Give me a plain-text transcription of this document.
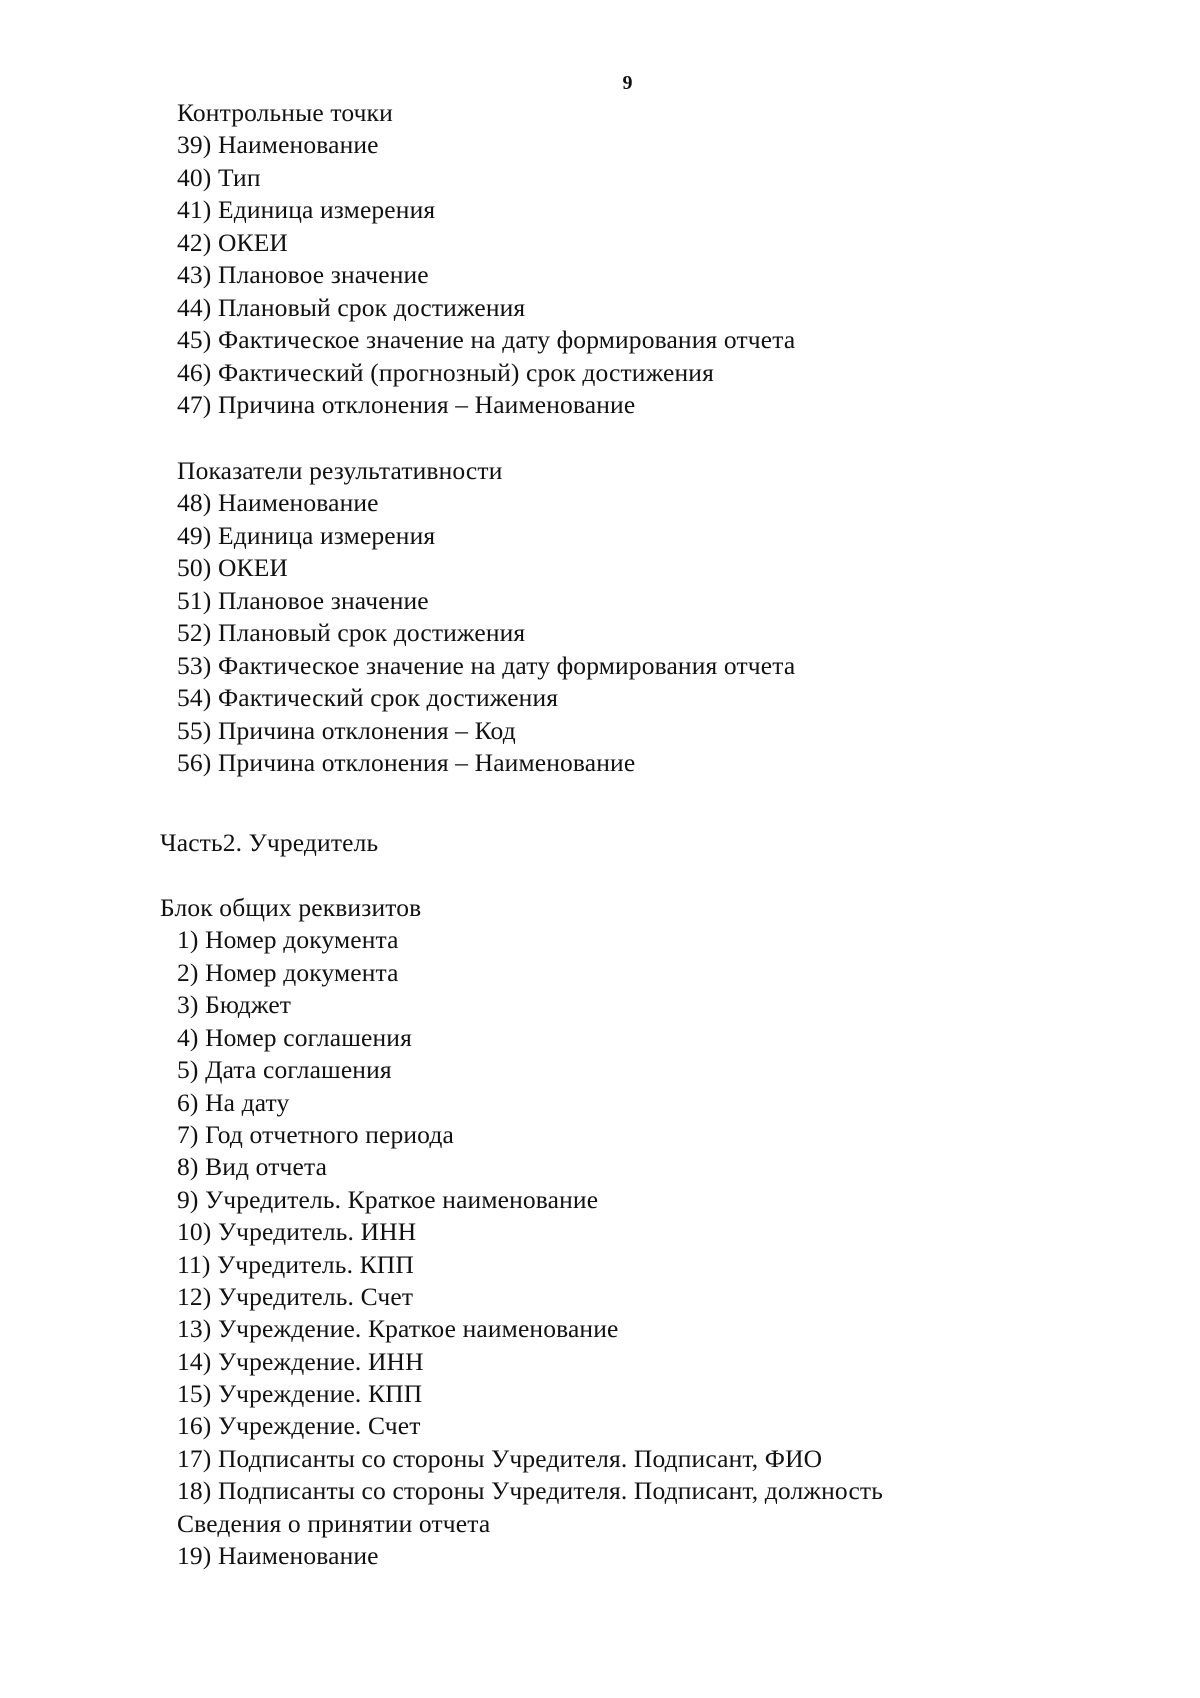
9
Контрольные точки
39) Наименование
40) Тип
41) Единица измерения
42) ОКЕИ
43) Плановое значение
44) Плановый срок достижения
45) Фактическое значение на дату формирования отчета
46) Фактический (прогнозный) срок достижения
47) Причина отклонения – Наименование
Показатели результативности
48) Наименование
49) Единица измерения
50) ОКЕИ
51) Плановое значение
52) Плановый срок достижения
53) Фактическое значение на дату формирования отчета
54) Фактический срок достижения
55) Причина отклонения – Код
56) Причина отклонения – Наименование
Часть2. Учредитель
Блок общих реквизитов
1) Номер документа
2) Номер документа
3) Бюджет
4) Номер соглашения
5) Дата соглашения
6) На дату
7) Год отчетного периода
8) Вид отчета
9) Учредитель. Краткое наименование
10) Учредитель. ИНН
11) Учредитель. КПП
12) Учредитель. Счет
13) Учреждение. Краткое наименование
14) Учреждение. ИНН
15) Учреждение. КПП
16) Учреждение. Счет
17) Подписанты со стороны Учредителя. Подписант, ФИО
18) Подписанты со стороны Учредителя. Подписант, должность
Сведения о принятии отчета
19) Наименование
